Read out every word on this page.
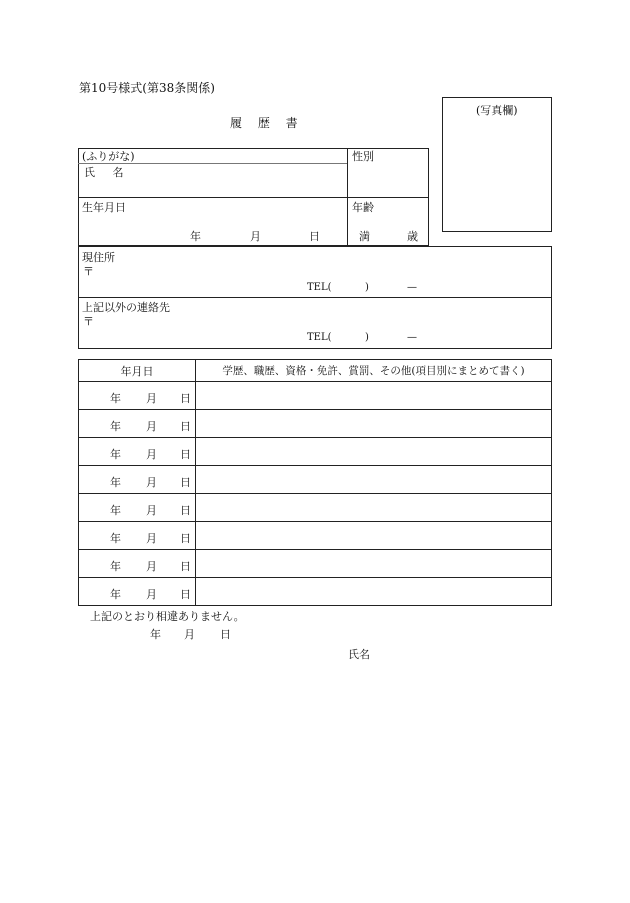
第10号様式(第38条関係)
履 歴 書
(写真欄)
(ふりがな)
氏 名
性別
生年月日
年	月	日
年齢
満	歳
現住所
〒
TEL(	)	—
上記以外の連絡先
〒
TEL(	)	—
年月日	学歴、職歴、資格・免許、賞罰、その他(項目別にまとめて書く)

年 月 日	

年 月 日	

年 月 日	

年 月 日	

年 月 日	

年 月 日	

年 月 日	

年 月 日	

上記のとおり相違ありません。
年 月 日
氏名
